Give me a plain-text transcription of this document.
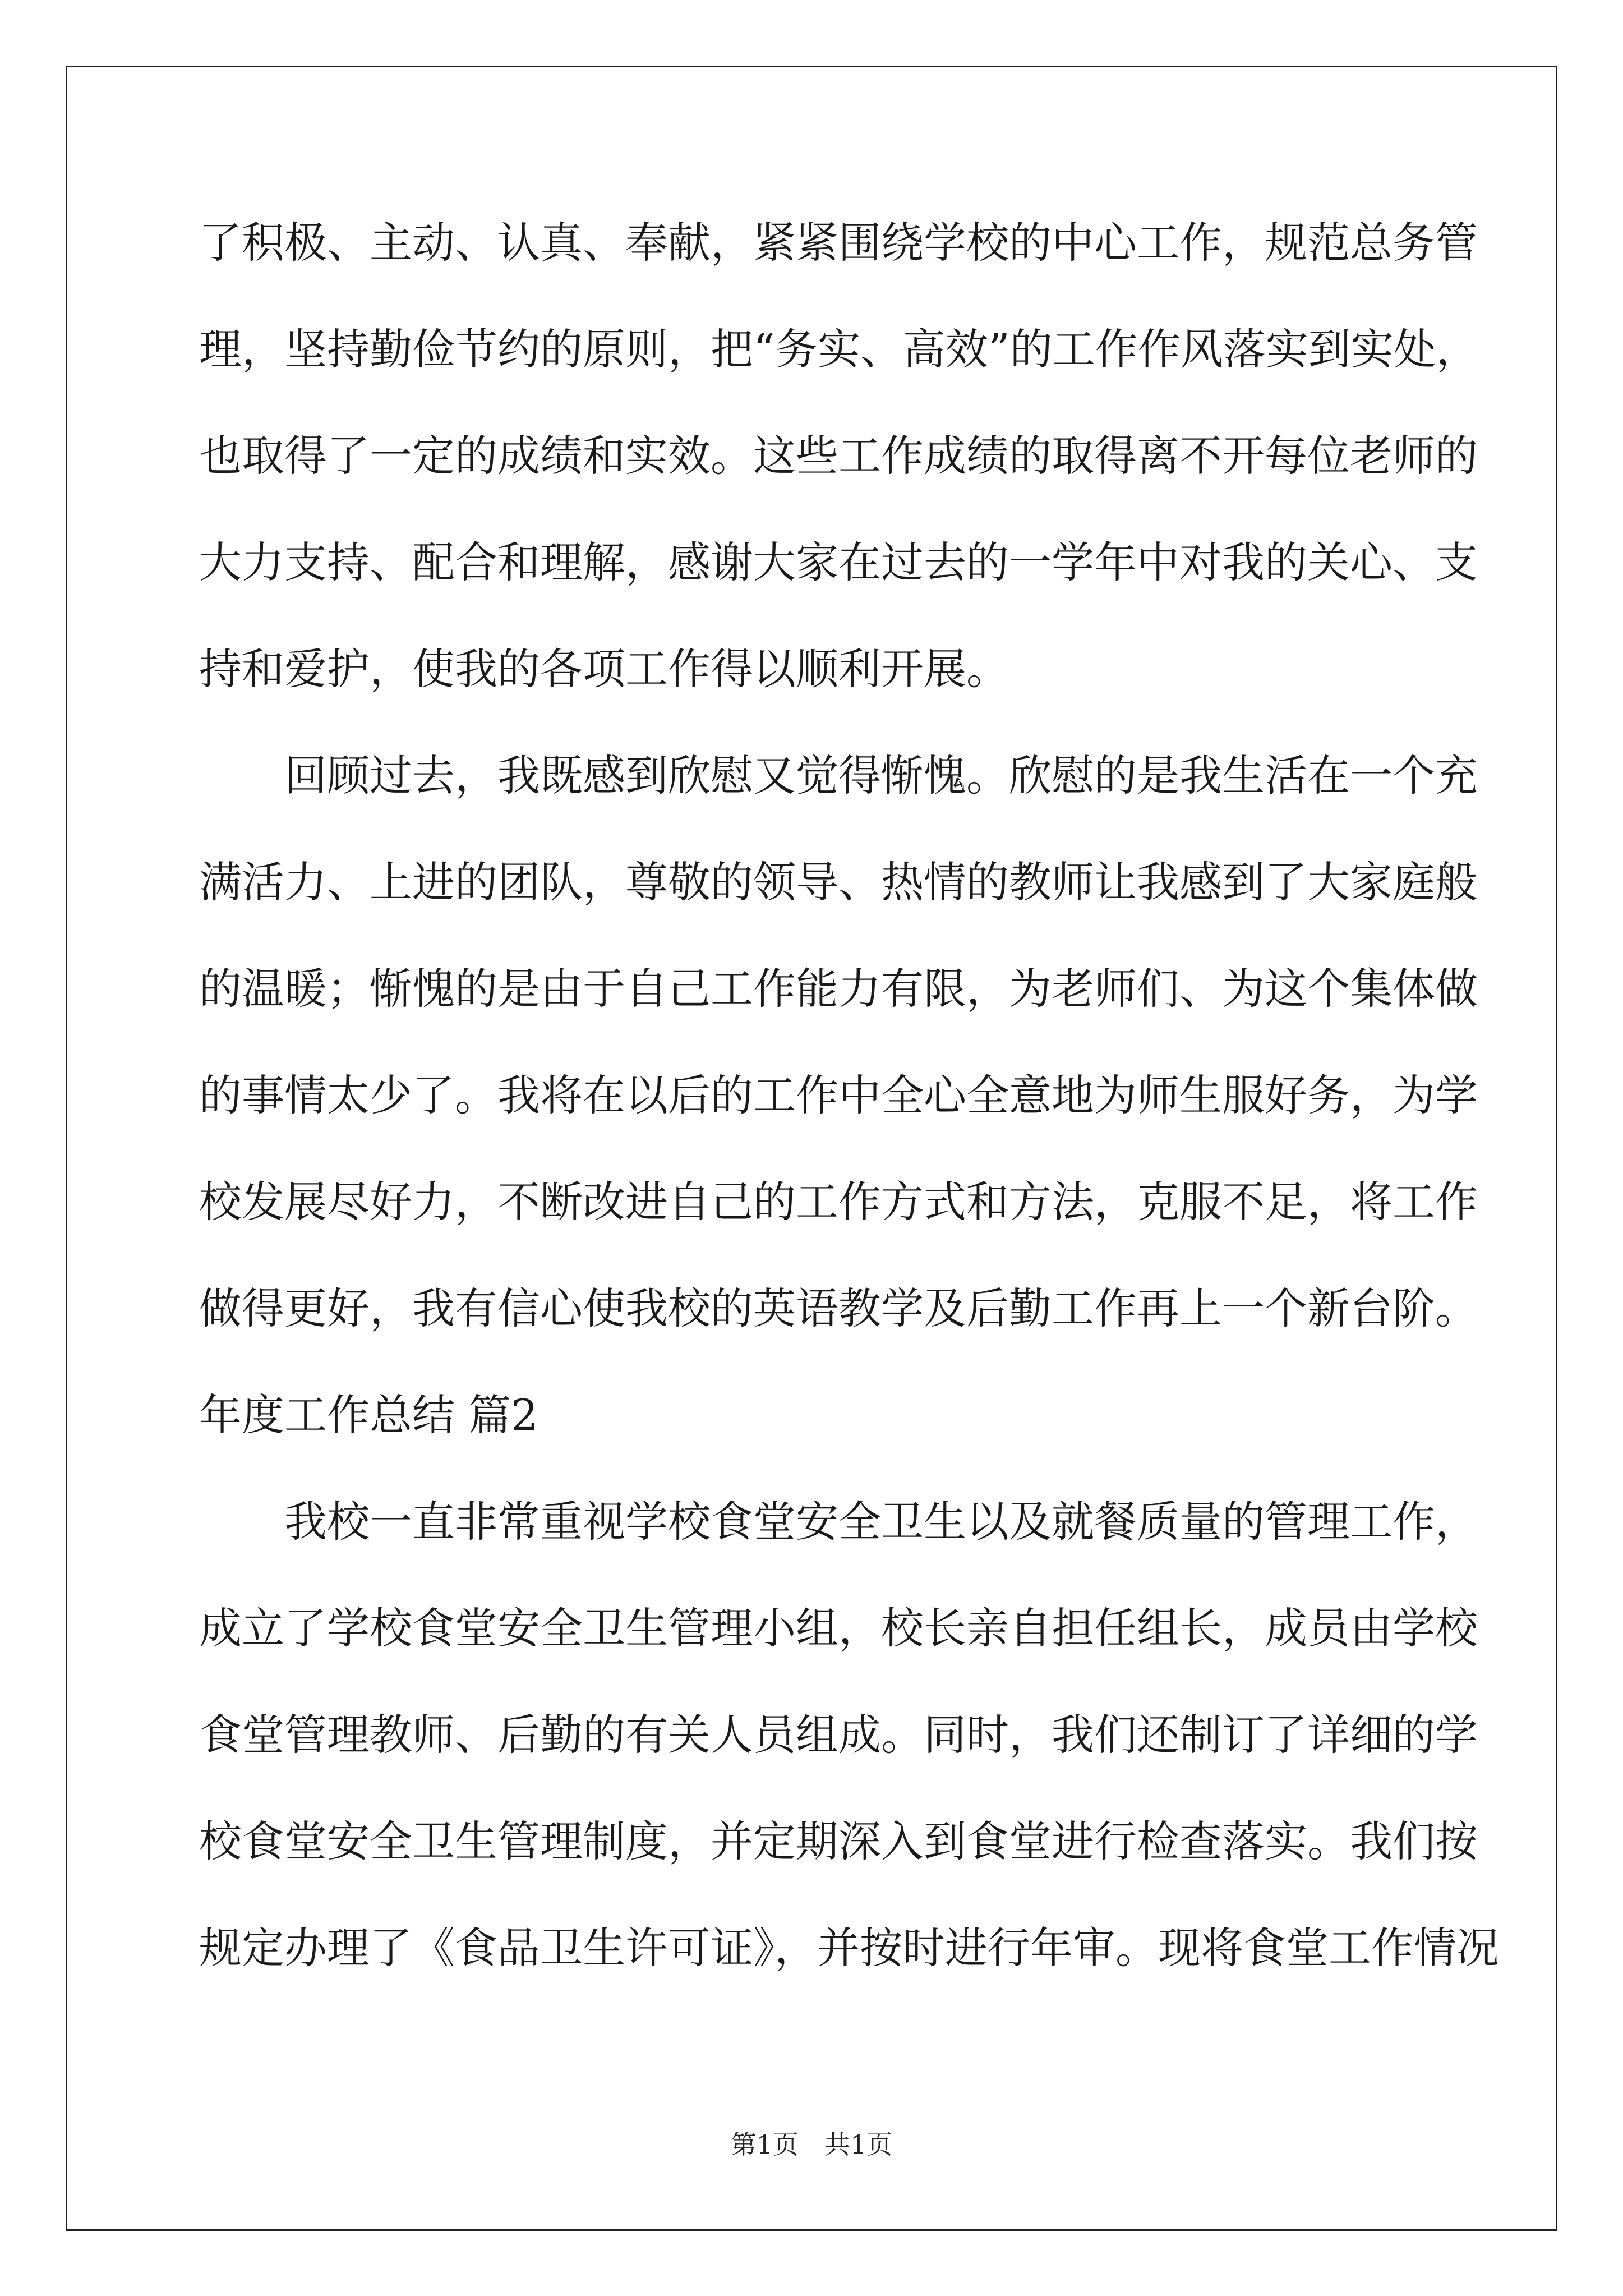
了积极、主动、认真、奉献，紧紧围绕学校的中心工作，规范总务管
理，坚持勤俭节约的原则，把“务实、高效”的工作作风落实到实处，
也取得了一定的成绩和实效。这些工作成绩的取得离不开每位老师的
大力支持、配合和理解，感谢大家在过去的一学年中对我的关心、支
持和爱护，使我的各项工作得以顺利开展。
　　回顾过去，我既感到欣慰又觉得惭愧。欣慰的是我生活在一个充
满活力、上进的团队，尊敬的领导、热情的教师让我感到了大家庭般
的温暖；惭愧的是由于自己工作能力有限，为老师们、为这个集体做
的事情太少了。我将在以后的工作中全心全意地为师生服好务，为学
校发展尽好力，不断改进自己的工作方式和方法，克服不足，将工作
做得更好，我有信心使我校的英语教学及后勤工作再上一个新台阶。
年度工作总结 篇2
　　我校一直非常重视学校食堂安全卫生以及就餐质量的管理工作，
成立了学校食堂安全卫生管理小组，校长亲自担任组长，成员由学校
食堂管理教师、后勤的有关人员组成。同时，我们还制订了详细的学
校食堂安全卫生管理制度，并定期深入到食堂进行检查落实。我们按
规定办理了《食品卫生许可证》，并按时进行年审。现将食堂工作情况
第1页　共1页
